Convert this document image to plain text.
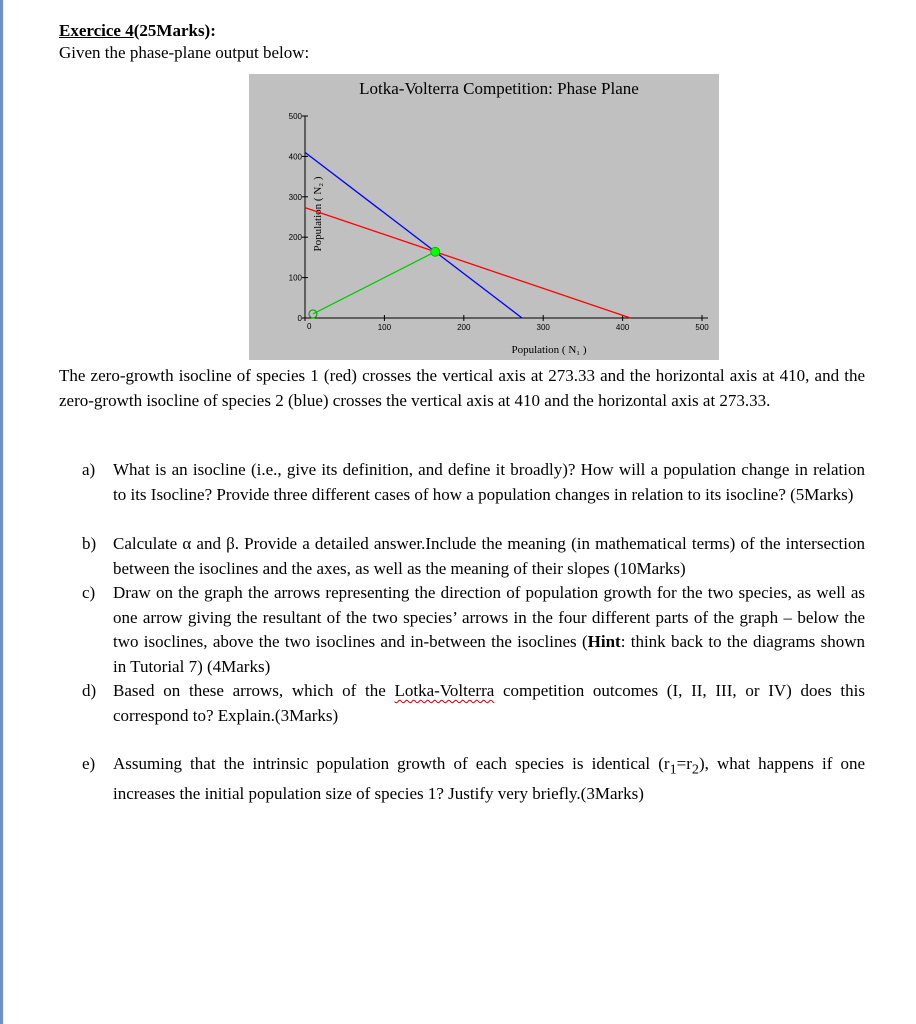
Exercice 4(25Marks):
Given the phase-plane output below:
Lotka-Volterra Competition: Phase Plane
Population ( N₁ )
Population ( N₂ )
0	100	200	300	400	500
0
100
200
300
400
500
The zero-growth isocline of species 1 (red) crosses the vertical axis at 273.33 and the horizontal axis at 410, and the zero-growth isocline of species 2 (blue) crosses the vertical axis at 410 and the horizontal axis at 273.33.
a) What is an isocline (i.e., give its definition, and define it broadly)? How will a population change in relation to its Isocline? Provide three different cases of how a population changes in relation to its isocline? (5Marks)
b) Calculate α and β. Provide a detailed answer.Include the meaning (in mathematical terms) of the intersection between the isoclines and the axes, as well as the meaning of their slopes (10Marks)
c) Draw on the graph the arrows representing the direction of population growth for the two species, as well as one arrow giving the resultant of the two species’ arrows in the four different parts of the graph – below the two isoclines, above the two isoclines and in-between the isoclines (Hint: think back to the diagrams shown in Tutorial 7) (4Marks)
d) Based on these arrows, which of the Lotka-Volterra competition outcomes (I, II, III, or IV) does this correspond to? Explain.(3Marks)
e) Assuming that the intrinsic population growth of each species is identical $(r_1=r_2)$, what happens if one increases the initial population size of species 1? Justify very briefly.(3Marks)
